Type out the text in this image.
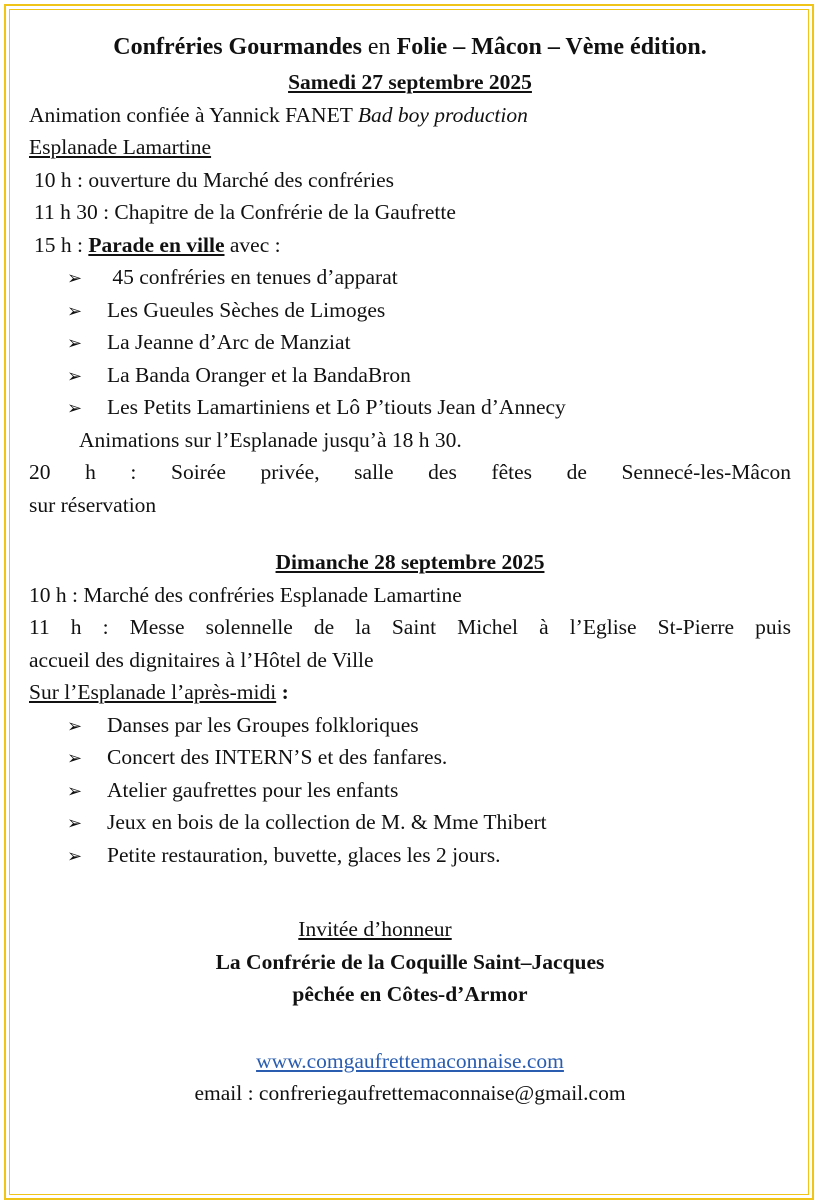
Confréries Gourmandes en Folie – Mâcon – Vème édition.
Samedi 27 septembre 2025
Animation confiée à Yannick FANET Bad boy production
Esplanade Lamartine
10 h : ouverture du Marché des confréries
11 h 30 : Chapitre de la Confrérie de la Gaufrette
15 h : Parade en ville avec :
➢ 45 confréries en tenues d’apparat
➢ Les Gueules Sèches de Limoges
➢ La Jeanne d’Arc de Manziat
➢ La Banda Oranger et la BandaBron
➢ Les Petits Lamartiniens et Lô P’tiouts Jean d’Annecy
Animations sur l’Esplanade jusqu’à 18 h 30.
20 h : Soirée privée, salle des fêtes de Sennecé-les-Mâcon
sur réservation
Dimanche 28 septembre 2025
10 h : Marché des confréries Esplanade Lamartine
11 h : Messe solennelle de la Saint Michel à l’Eglise St-Pierre puis
accueil des dignitaires à l’Hôtel de Ville
Sur l’Esplanade l’après-midi :
➢ Danses par les Groupes folkloriques
➢ Concert des INTERN’S et des fanfares.
➢ Atelier gaufrettes pour les enfants
➢ Jeux en bois de la collection de M. & Mme Thibert
➢ Petite restauration, buvette, glaces les 2 jours.
Invitée d’honneur
La Confrérie de la Coquille Saint–Jacques
pêchée en Côtes-d’Armor
www.comgaufrettemaconnaise.com
email : confreriegaufrettemaconnaise@gmail.com
